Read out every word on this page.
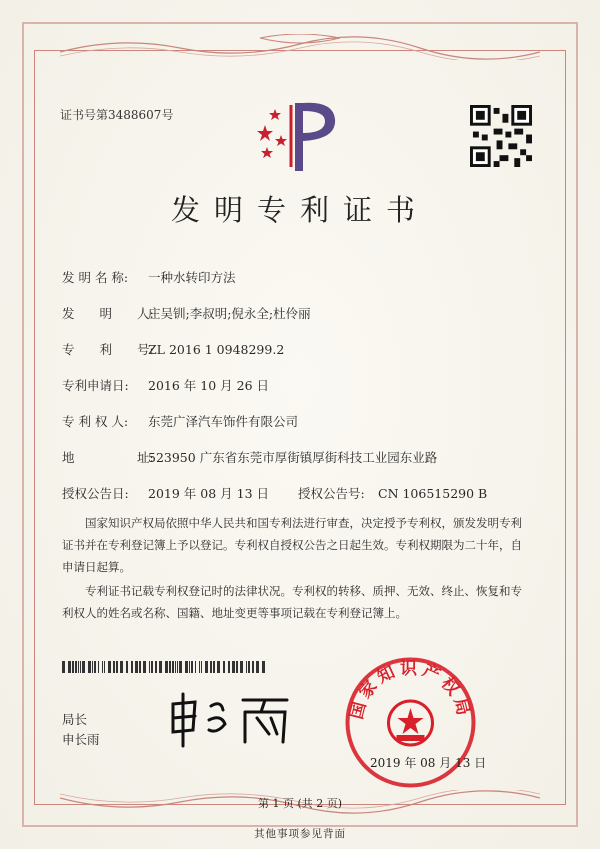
证书号第3488607号
发明专利证书
发 明 名 称: 一种水转印方法
发　　明　　人:庄吴钏;李叔明;倪永全;杜伶丽
专　　利　　号:ZL 2016 1 0948299.2
专利申请日: 2016 年 10 月 26 日
专 利 权 人: 东莞广泽汽车饰件有限公司
地　　　　　址:523950 广东省东莞市厚街镇厚街科技工业园东业路
授权公告日: 2019 年 08 月 13 日 授权公告号: CN 106515290 B
国家知识产权局依照中华人民共和国专利法进行审查，决定授予专利权，颁发发明专利证书并在专利登记簿上予以登记。专利权自授权公告之日起生效。专利权期限为二十年，自申请日起算。
专利证书记载专利权登记时的法律状况。专利权的转移、质押、无效、终止、恢复和专利权人的姓名或名称、国籍、地址变更等事项记载在专利登记簿上。
局长
申长雨
国家知识产权局
2019 年 08 月 13 日
第 1 页 (共 2 页)
其他事项参见背面
